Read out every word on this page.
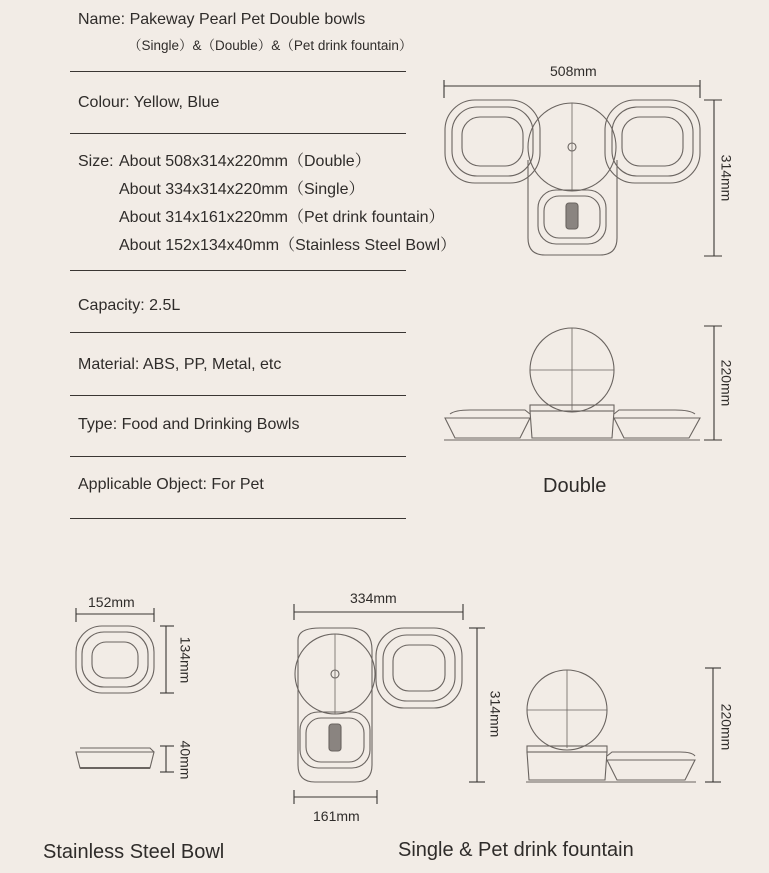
Name: Pakeway Pearl Pet Double bowls
（Single）&（Double）&（Pet drink fountain）
Colour: Yellow, Blue
Size: About 508x314x220mm（Double）
About 334x314x220mm（Single）
About 314x161x220mm（Pet drink fountain）
About 152x134x40mm（Stainless Steel Bowl）
Capacity: 2.5L
Material: ABS, PP, Metal, etc
Type: Food and Drinking Bowls
Applicable Object: For Pet
508mm
314mm
220mm
Double
152mm
134mm
40mm
Stainless Steel Bowl
334mm
314mm
161mm
220mm
Single & Pet drink fountain
